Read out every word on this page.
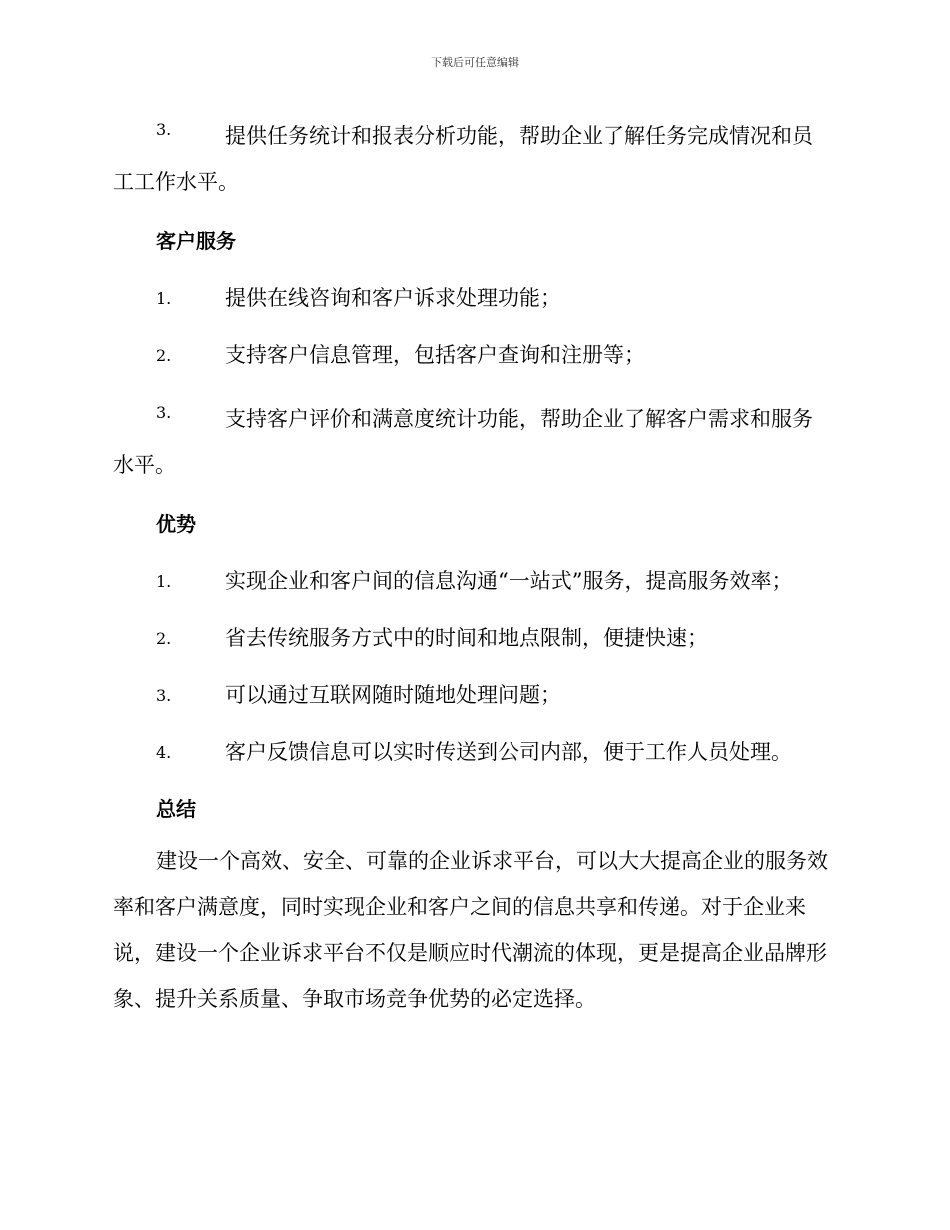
下载后可任意编辑
3.	提供任务统计和报表分析功能，帮助企业了解任务完成情况和员工工作水平。
客户服务
1.	提供在线咨询和客户诉求处理功能；
2.	支持客户信息管理，包括客户查询和注册等；
3.	支持客户评价和满意度统计功能，帮助企业了解客户需求和服务水平。
优势
1.	实现企业和客户间的信息沟通“一站式”服务，提高服务效率；
2.	省去传统服务方式中的时间和地点限制，便捷快速；
3.	可以通过互联网随时随地处理问题；
4.	客户反馈信息可以实时传送到公司内部，便于工作人员处理。
总结

建设一个高效、安全、可靠的企业诉求平台，可以大大提高企业的服务效率和客户满意度，同时实现企业和客户之间的信息共享和传递。对于企业来说，建设一个企业诉求平台不仅是顺应时代潮流的体现，更是提高企业品牌形象、提升关系质量、争取市场竞争优势的必定选择。
